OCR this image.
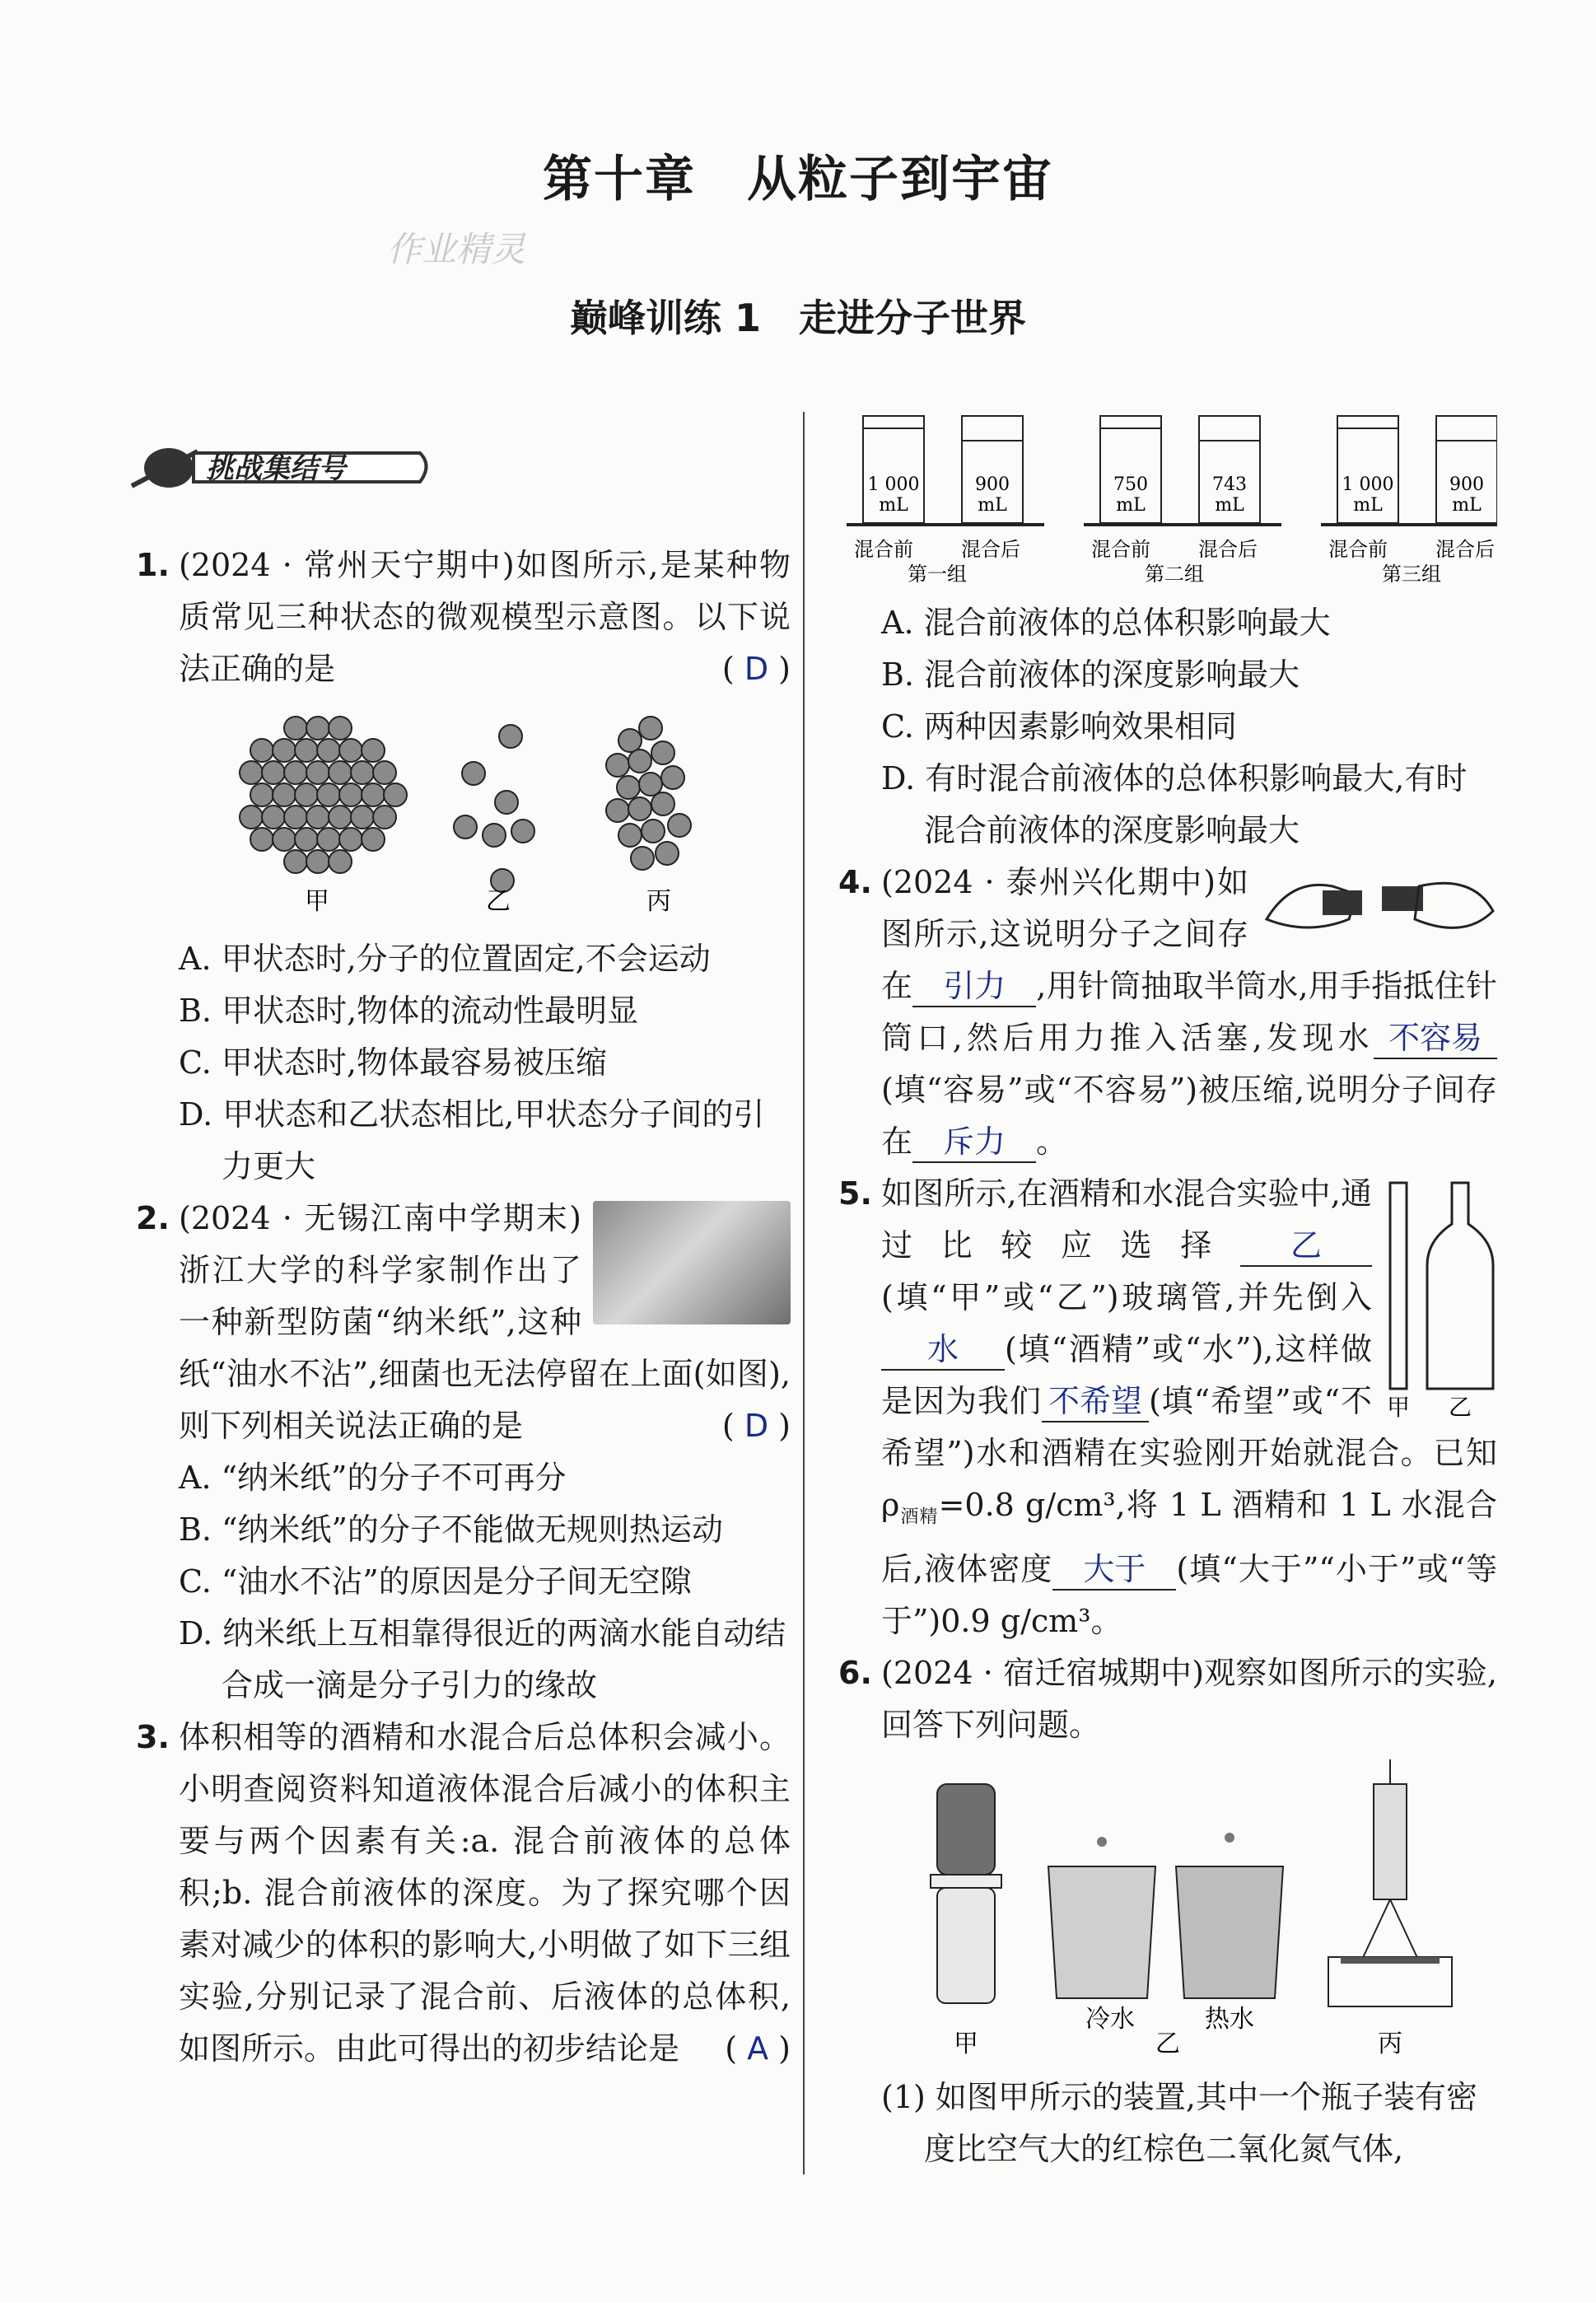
第十章　从粒子到宇宙
作业精灵
巅峰训练 1　走进分子世界
挑战集结号
1. (2024 · 常州天宁期中)如图所示,是某种物质常见三种状态的微观模型示意图。以下说法正确的是	( D )
甲	乙	丙
A. 甲状态时,分子的位置固定,不会运动
B. 甲状态时,物体的流动性最明显
C. 甲状态时,物体最容易被压缩
D. 甲状态和乙状态相比,甲状态分子间的引力更大
2. (2024 · 无锡江南中学期末)浙江大学的科学家制作出了一种新型防菌“纳米纸”,这种纸“油水不沾”,细菌也无法停留在上面(如图),则下列相关说法正确的是	( D )
A. “纳米纸”的分子不可再分
B. “纳米纸”的分子不能做无规则热运动
C. “油水不沾”的原因是分子间无空隙
D. 纳米纸上互相靠得很近的两滴水能自动结合成一滴是分子引力的缘故
3. 体积相等的酒精和水混合后总体积会减小。小明查阅资料知道液体混合后减小的体积主要与两个因素有关:a. 混合前液体的总体积;b. 混合前液体的深度。为了探究哪个因素对减少的体积的影响大,小明做了如下三组实验,分别记录了混合前、后液体的总体积,如图所示。由此可得出的初步结论是 ( A )
1 000
mL
900
mL
混合前 混合后
第一组
750
mL
743
mL
混合前 混合后
第二组
1 000
mL
900
mL
混合前 混合后
第三组
A. 混合前液体的总体积影响最大
B. 混合前液体的深度影响最大
C. 两种因素影响效果相同
D. 有时混合前液体的总体积影响最大,有时混合前液体的深度影响最大
4. (2024 · 泰州兴化期中)如图所示,这说明分子之间存在 引力 ,用针筒抽取半筒水,用手指抵住针筒口,然后用力推入活塞,发现水 不容易(填“容易”或“不容易”)被压缩,说明分子间存在 斥力 。
5.
甲 乙
如图所示,在酒精和水混合实验中,通过比较应选择 乙(填“甲”或“乙”)玻璃管,并先倒入水 (填“酒精”或“水”),这样做是因为我们 不希望 (填“希望”或“不希望”)水和酒精在实验刚开始就混合。已知 $\rho_{酒精}=0.8$ g/cm³,将 1 L 酒精和 1 L 水混合后,液体密度 大于 (填“大于”“小于”或“等于”)0.9 g/cm³。
6. (2024 · 宿迁宿城期中)观察如图所示的实验,回答下列问题。
冷水	热水
甲	乙	丙
(1) 如图甲所示的装置,其中一个瓶子装有密度比空气大的红棕色二氧化氮气体,
